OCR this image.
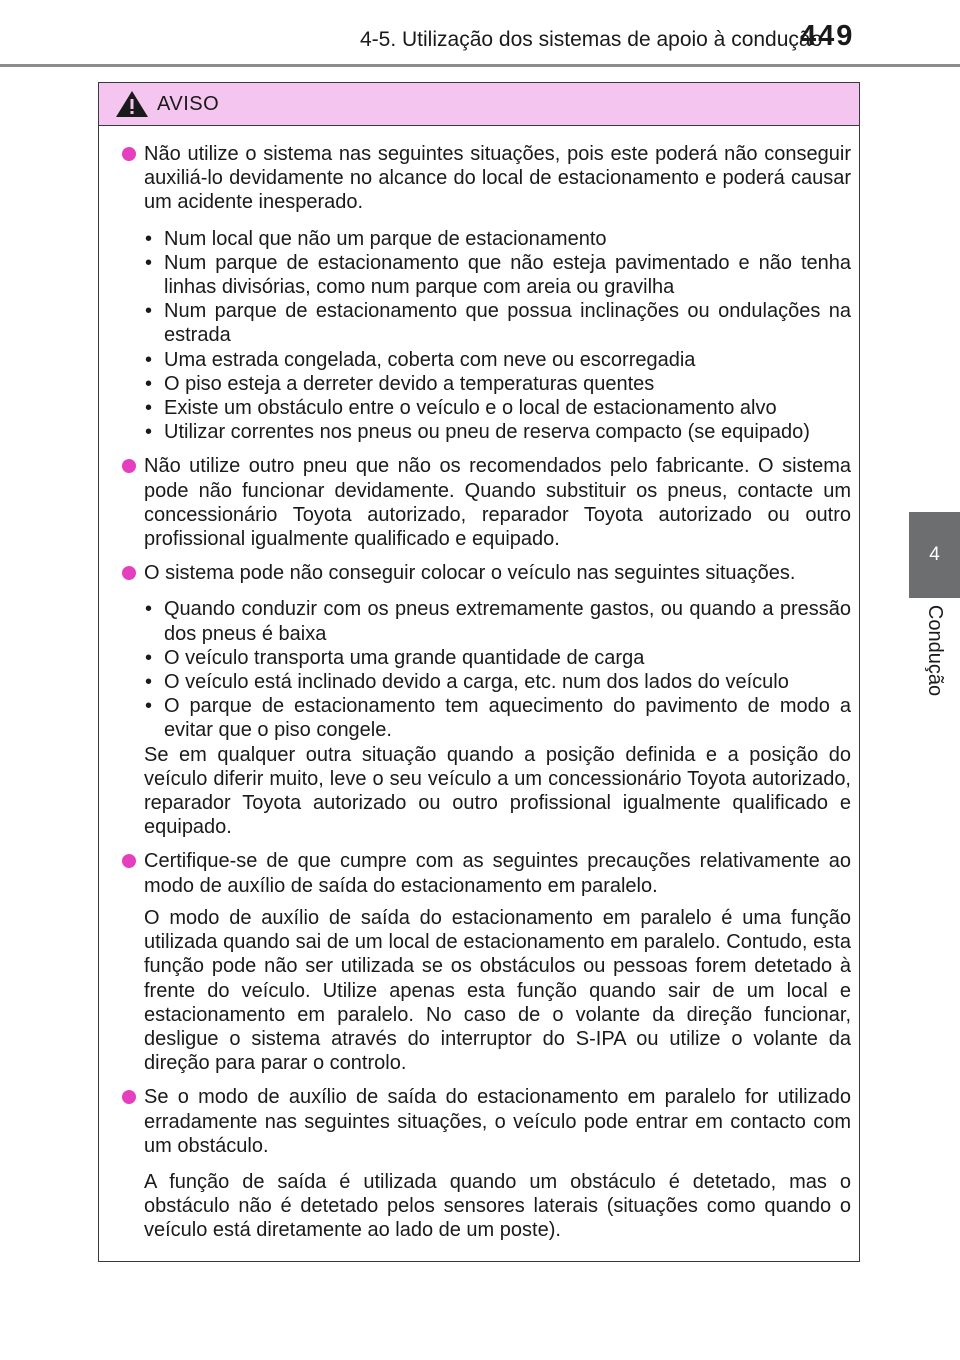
4-5. Utilização dos sistemas de apoio à condução
449
4
Condução
AVISO

Não utilize o sistema nas seguintes situações, pois este poderá não conseguir auxiliá-lo devidamente no alcance do local de estacionamento e poderá causar um acidente inesperado.

• Num local que não um parque de estacionamento
• Num parque de estacionamento que não esteja pavimentado e não tenha linhas divisórias, como num parque com areia ou gravilha
• Num parque de estacionamento que possua inclinações ou ondulações na estrada
• Uma estrada congelada, coberta com neve ou escorregadia
• O piso esteja a derreter devido a temperaturas quentes
• Existe um obstáculo entre o veículo e o local de estacionamento alvo
• Utilizar correntes nos pneus ou pneu de reserva compacto (se equipado)

Não utilize outro pneu que não os recomendados pelo fabricante. O sistema pode não funcionar devidamente. Quando substituir os pneus, contacte um concessionário Toyota autorizado, reparador Toyota autorizado ou outro profissional igualmente qualificado e equipado.

O sistema pode não conseguir colocar o veículo nas seguintes situações.

• Quando conduzir com os pneus extremamente gastos, ou quando a pressão dos pneus é baixa
• O veículo transporta uma grande quantidade de carga
• O veículo está inclinado devido a carga, etc. num dos lados do veículo
• O parque de estacionamento tem aquecimento do pavimento de modo a evitar que o piso congele.

Se em qualquer outra situação quando a posição definida e a posição do veículo diferir muito, leve o seu veículo a um concessionário Toyota autorizado, reparador Toyota autorizado ou outro profissional igualmente qualificado e equipado.

Certifique-se de que cumpre com as seguintes precauções relativamente ao modo de auxílio de saída do estacionamento em paralelo.

O modo de auxílio de saída do estacionamento em paralelo é uma função utilizada quando sai de um local de estacionamento em paralelo. Contudo, esta função pode não ser utilizada se os obstáculos ou pessoas forem detetado à frente do veículo. Utilize apenas esta função quando sair de um local e estacionamento em paralelo. No caso de o volante da direção funcionar, desligue o sistema através do interruptor do S-IPA ou utilize o volante da direção para parar o controlo.

Se o modo de auxílio de saída do estacionamento em paralelo for utilizado erradamente nas seguintes situações, o veículo pode entrar em contacto com um obstáculo.

A função de saída é utilizada quando um obstáculo é detetado, mas o obstáculo não é detetado pelos sensores laterais (situações como quando o veículo está diretamente ao lado de um poste).
